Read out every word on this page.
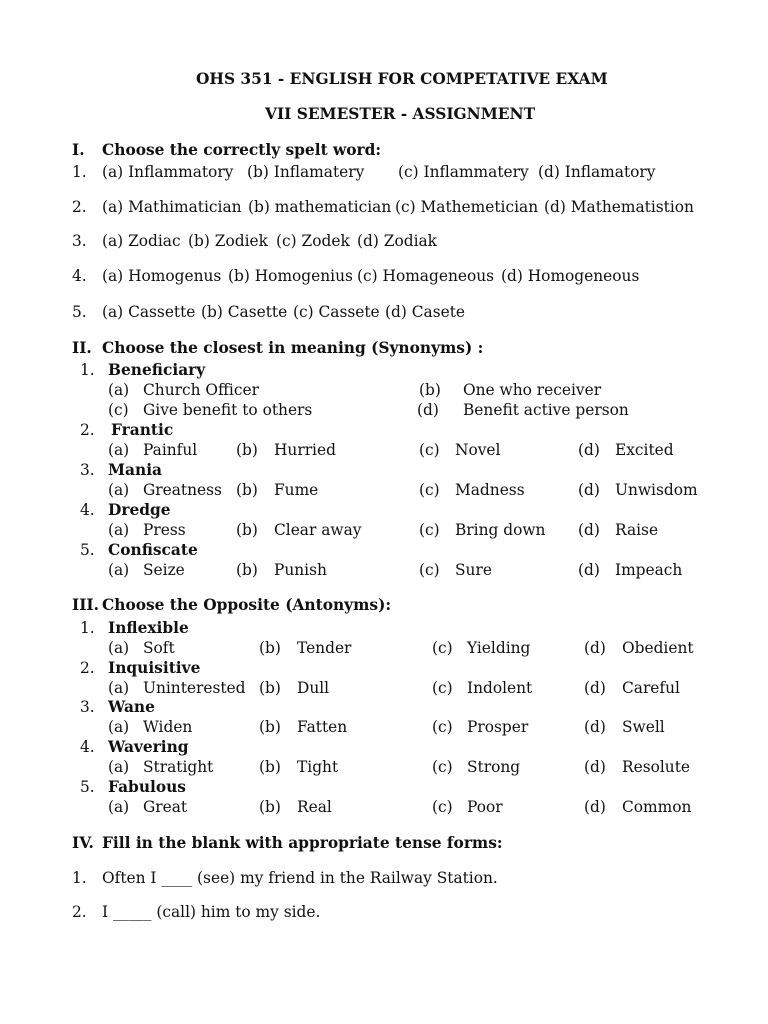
OHS 351 - ENGLISH FOR COMPETATIVE EXAM
VII SEMESTER - ASSIGNMENT
I. Choose the correctly spelt word:
1. (a) Inflammatory (b) Inflamatery (c) Inflammatery (d) Inflamatory
2. (a) Mathimatician (b) mathematician (c) Mathemetician (d) Mathematistion
3. (a) Zodiac (b) Zodiek (c) Zodek (d) Zodiak
4. (a) Homogenus (b) Homogenius (c) Homageneous (d) Homogeneous
5. (a) Cassette (b) Casette (c) Cassete (d) Casete
II. Choose the closest in meaning (Synonyms) :
1. Beneficiary
(a) Church Officer	(b) One who receiver
(c) Give benefit to others	(d) Benefit active person
2. Frantic
(a) Painful	(b) Hurried	(c) Novel	(d) Excited
3. Mania
(a) Greatness (b) Fume	(c) Madness	(d) Unwisdom
4. Dredge
(a) Press	(b) Clear away	(c) Bring down (d) Raise
5. Confiscate
(a) Seize	(b) Punish	(c) Sure	(d) Impeach
III. Choose the Opposite (Antonyms):
1. Inflexible
(a) Soft	(b) Tender	(c) Yielding	(d) Obedient
2. Inquisitive
(a) Uninterested (b) Dull	(c) Indolent	(d) Careful
3. Wane
(a) Widen	(b) Fatten	(c) Prosper	(d) Swell
4. Wavering
(a) Stratight	(b) Tight	(c) Strong	(d) Resolute
5. Fabulous
(a) Great	(b) Real	(c) Poor	(d) Common
IV. Fill in the blank with appropriate tense forms:
1. Often I ____ (see) my friend in the Railway Station.
2. I _____ (call) him to my side.
